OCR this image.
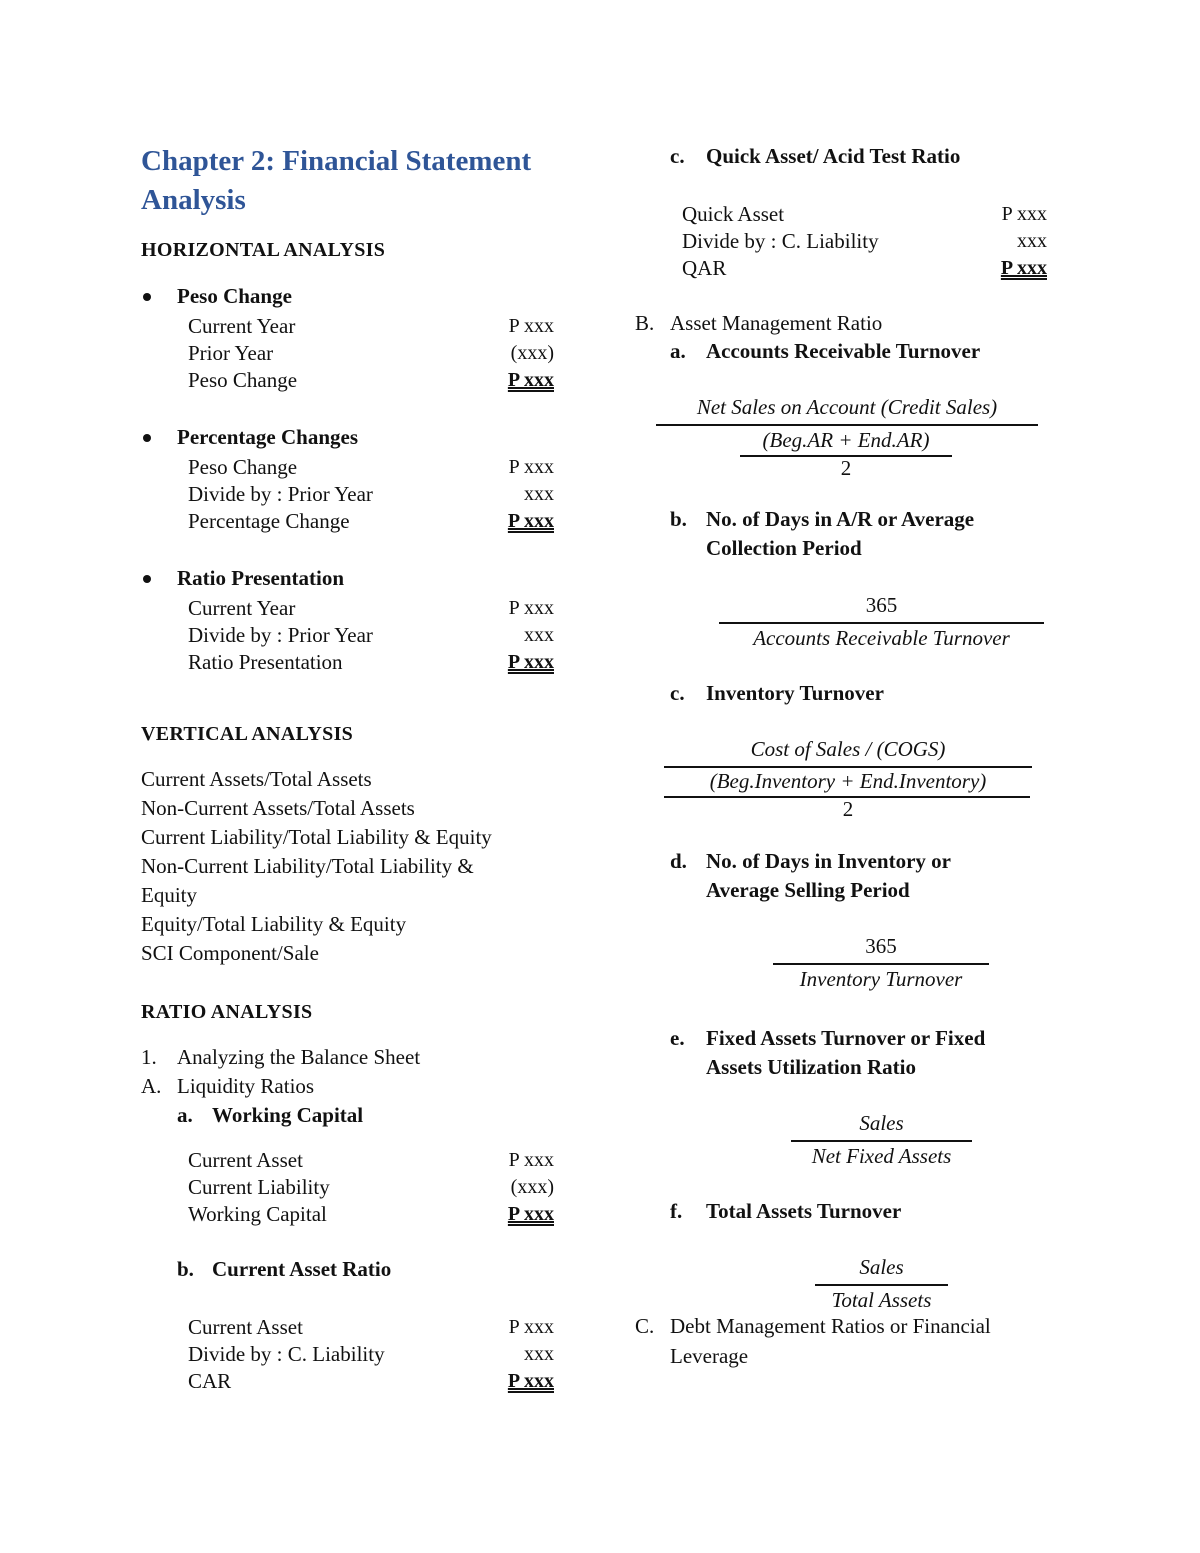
Chapter 2: Financial Statement
Analysis
HORIZONTAL ANALYSIS
Peso Change
Current Year	P xxx
Prior Year	(xxx)
Peso Change	P xxx
Percentage Changes
Peso Change	P xxx
Divide by : Prior Year	xxx
Percentage Change	P xxx
Ratio Presentation
Current Year	P xxx
Divide by : Prior Year	xxx
Ratio Presentation	P xxx
VERTICAL ANALYSIS
Current Assets/Total Assets
Non-Current Assets/Total Assets
Current Liability/Total Liability & Equity
Non-Current Liability/Total Liability &
Equity
Equity/Total Liability & Equity
SCI Component/Sale
RATIO ANALYSIS
1. Analyzing the Balance Sheet
A. Liquidity Ratios
a. Working Capital
Current Asset	P xxx
Current Liability	(xxx)
Working Capital	P xxx
b. Current Asset Ratio
Current Asset	P xxx
Divide by : C. Liability	xxx
CAR	P xxx
c. Quick Asset/ Acid Test Ratio
Quick Asset	P xxx
Divide by : C. Liability	xxx
QAR	P xxx
B. Asset Management Ratio
a. Accounts Receivable Turnover
Net Sales on Account (Credit Sales)
(Beg.AR + End.AR)
2
b. No. of Days in A/R or Average
Collection Period
365
Accounts Receivable Turnover
c. Inventory Turnover
Cost of Sales / (COGS)
(Beg.Inventory + End.Inventory)
2
d. No. of Days in Inventory or
Average Selling Period
365
Inventory Turnover
e. Fixed Assets Turnover or Fixed
Assets Utilization Ratio
Sales
Net Fixed Assets
f. Total Assets Turnover
Sales
Total Assets
C. Debt Management Ratios or Financial
Leverage
